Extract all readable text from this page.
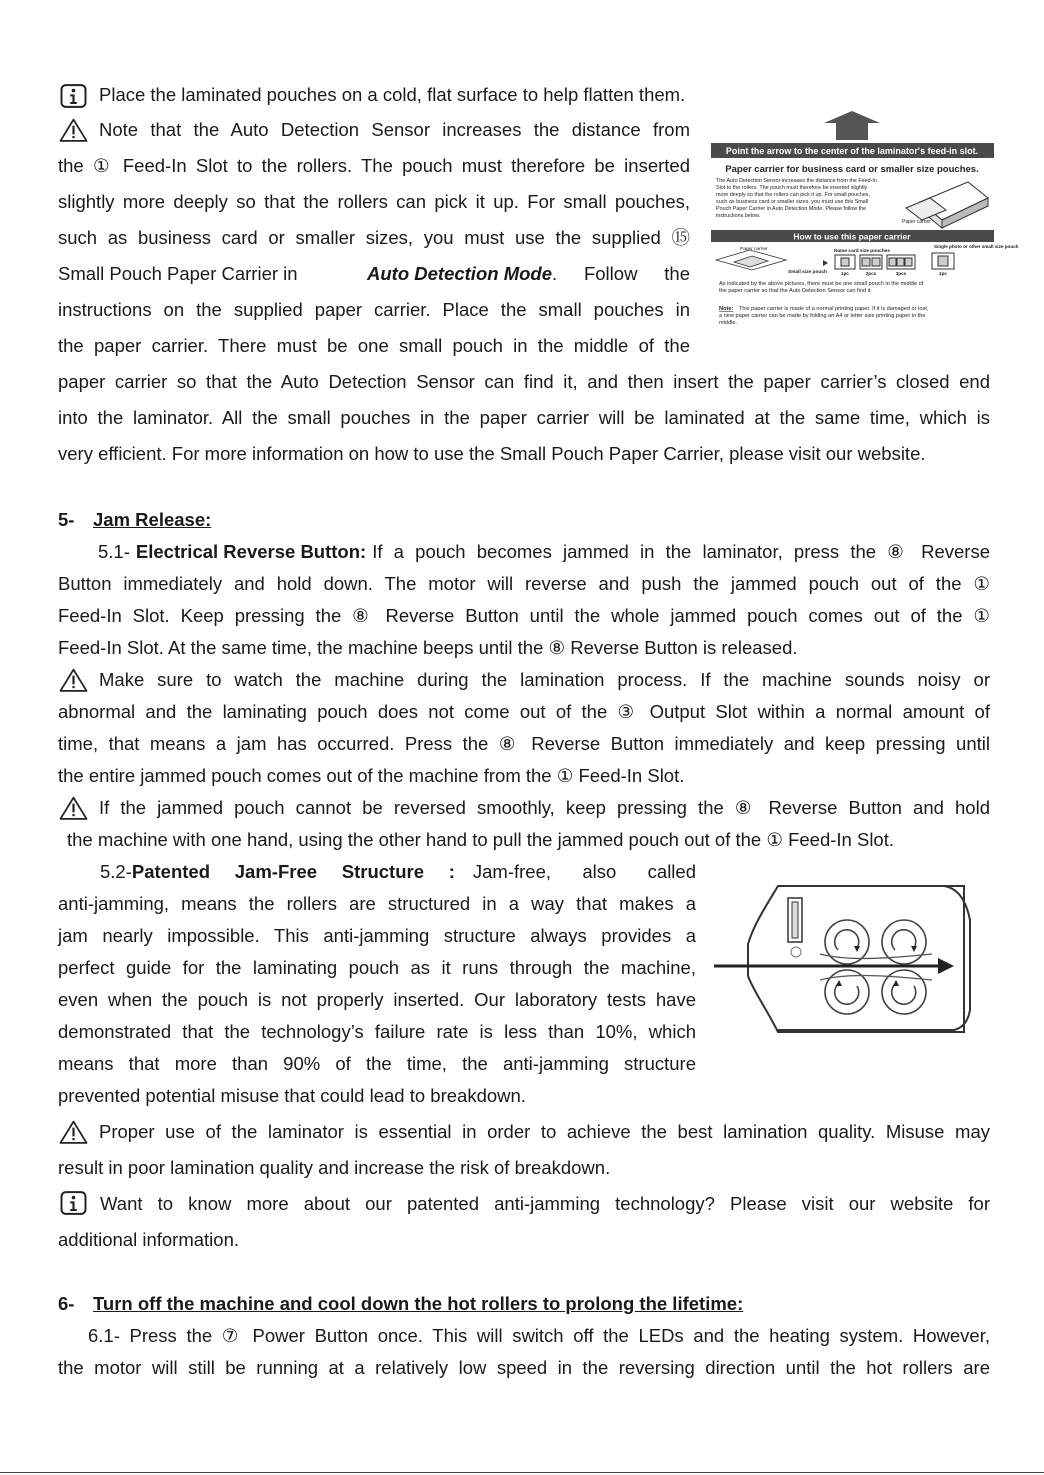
Place the laminated pouches on a cold, flat surface to help flatten them.
Note that the Auto Detection Sensor increases the distance from
the ① Feed-In Slot to the rollers. The pouch must therefore be inserted
slightly more deeply so that the rollers can pick it up. For small pouches,
such as business card or smaller sizes, you must use the supplied ⑮
Small Pouch Paper Carrier in	Auto Detection Mode. Follow the
instructions on the supplied paper carrier. Place the small pouches in
the paper carrier. There must be one small pouch in the middle of the
paper carrier so that the Auto Detection Sensor can find it, and then insert the paper carrier’s closed end
into the laminator. All the small pouches in the paper carrier will be laminated at the same time, which is
very efficient. For more information on how to use the Small Pouch Paper Carrier, please visit our website.
Point the arrow to the center of the laminator's feed-in slot.
Paper carrier for business card or smaller size pouches.
The Auto Detection Sensor increases the distance from the Feed-In
Slot to the rollers. The pouch must therefore be inserted slightly
more deeply so that the rollers can pick it up. For small pouches,
such as business card or smaller sizes, you must use this Small
Pouch Paper Carrier in Auto Detection Mode. Please follow the
instructions below.
Paper carrier
How to use this paper carrier
Paper carrier	Name card size pouches
Single photo or other small size pouch
Small size pouch	1pc	2pcs	3pcs	1pc
As indicated by the above pictures, there must be one small pouch in the middle of
the paper carrier so that the Auto Detection Sensor can find it.
Note: This paper carrier is made of a normal printing paper. If it is damaged or lost,
a new paper carrier can be made by folding an A4 or letter size printing paper in the
middle.
5- Jam Release:
5.1- Electrical Reverse Button: If a pouch becomes jammed in the laminator, press the ⑧ Reverse
Button immediately and hold down. The motor will reverse and push the jammed pouch out of the ①
Feed-In Slot. Keep pressing the ⑧ Reverse Button until the whole jammed pouch comes out of the ①
Feed-In Slot. At the same time, the machine beeps until the ⑧ Reverse Button is released.
Make sure to watch the machine during the lamination process. If the machine sounds noisy or
abnormal and the laminating pouch does not come out of the ③ Output Slot within a normal amount of
time, that means a jam has occurred. Press the ⑧ Reverse Button immediately and keep pressing until
the entire jammed pouch comes out of the machine from the ① Feed-In Slot.
If the jammed pouch cannot be reversed smoothly, keep pressing the ⑧ Reverse Button and hold
the machine with one hand, using the other hand to pull the jammed pouch out of the ① Feed-In Slot.
5.2- Patented Jam-Free Structure : Jam-free, also called
anti-jamming, means the rollers are structured in a way that makes a
jam nearly impossible. This anti-jamming structure always provides a
perfect guide for the laminating pouch as it runs through the machine,
even when the pouch is not properly inserted. Our laboratory tests have
demonstrated that the technology’s failure rate is less than 10%, which
means that more than 90% of the time, the anti-jamming structure
prevented potential misuse that could lead to breakdown.
Proper use of the laminator is essential in order to achieve the best lamination quality. Misuse may
result in poor lamination quality and increase the risk of breakdown.
Want to know more about our patented anti-jamming technology? Please visit our website for
additional information.
6- Turn off the machine and cool down the hot rollers to prolong the lifetime:
6.1- Press the ⑦ Power Button once. This will switch off the LEDs and the heating system. However,
the motor will still be running at a relatively low speed in the reversing direction until the hot rollers are
